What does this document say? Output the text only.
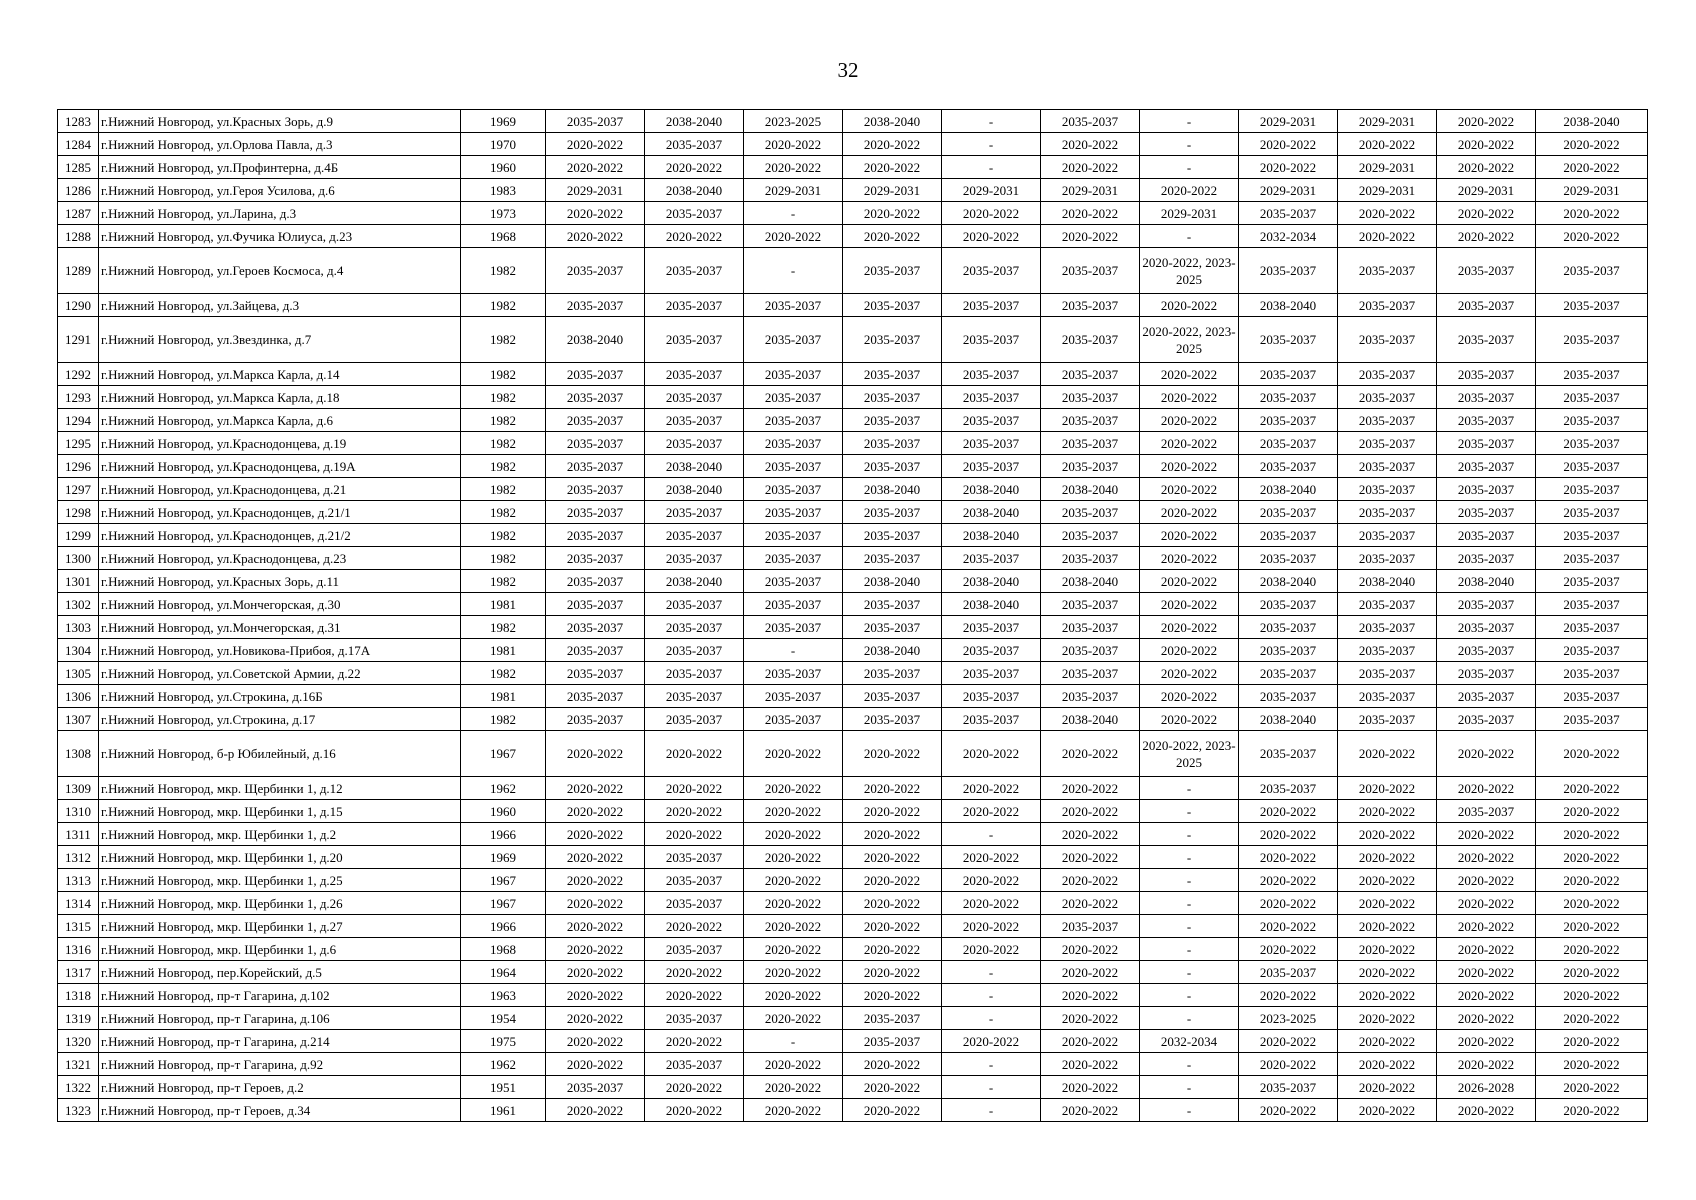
32
1283	г.Нижний Новгород, ул.Красных Зорь, д.9	1969	2035-2037	2038-2040	2023-2025	2038-2040	-	2035-2037	-	2029-2031	2029-2031	2020-2022	2038-2040
1284	г.Нижний Новгород, ул.Орлова Павла, д.3	1970	2020-2022	2035-2037	2020-2022	2020-2022	-	2020-2022	-	2020-2022	2020-2022	2020-2022	2020-2022
1285	г.Нижний Новгород, ул.Профинтерна, д.4Б	1960	2020-2022	2020-2022	2020-2022	2020-2022	-	2020-2022	-	2020-2022	2029-2031	2020-2022	2020-2022
1286	г.Нижний Новгород, ул.Героя Усилова, д.6	1983	2029-2031	2038-2040	2029-2031	2029-2031	2029-2031	2029-2031	2020-2022	2029-2031	2029-2031	2029-2031	2029-2031
1287	г.Нижний Новгород, ул.Ларина, д.3	1973	2020-2022	2035-2037	-	2020-2022	2020-2022	2020-2022	2029-2031	2035-2037	2020-2022	2020-2022	2020-2022
1288	г.Нижний Новгород, ул.Фучика Юлиуса, д.23	1968	2020-2022	2020-2022	2020-2022	2020-2022	2020-2022	2020-2022	-	2032-2034	2020-2022	2020-2022	2020-2022
1289	г.Нижний Новгород, ул.Героев Космоса, д.4	1982	2035-2037	2035-2037	-	2035-2037	2035-2037	2035-2037	2020-2022, 2023-2025	2035-2037	2035-2037	2035-2037	2035-2037
1290	г.Нижний Новгород, ул.Зайцева, д.3	1982	2035-2037	2035-2037	2035-2037	2035-2037	2035-2037	2035-2037	2020-2022	2038-2040	2035-2037	2035-2037	2035-2037
1291	г.Нижний Новгород, ул.Звездинка, д.7	1982	2038-2040	2035-2037	2035-2037	2035-2037	2035-2037	2035-2037	2020-2022, 2023-2025	2035-2037	2035-2037	2035-2037	2035-2037
1292	г.Нижний Новгород, ул.Маркса Карла, д.14	1982	2035-2037	2035-2037	2035-2037	2035-2037	2035-2037	2035-2037	2020-2022	2035-2037	2035-2037	2035-2037	2035-2037
1293	г.Нижний Новгород, ул.Маркса Карла, д.18	1982	2035-2037	2035-2037	2035-2037	2035-2037	2035-2037	2035-2037	2020-2022	2035-2037	2035-2037	2035-2037	2035-2037
1294	г.Нижний Новгород, ул.Маркса Карла, д.6	1982	2035-2037	2035-2037	2035-2037	2035-2037	2035-2037	2035-2037	2020-2022	2035-2037	2035-2037	2035-2037	2035-2037
1295	г.Нижний Новгород, ул.Краснодонцева, д.19	1982	2035-2037	2035-2037	2035-2037	2035-2037	2035-2037	2035-2037	2020-2022	2035-2037	2035-2037	2035-2037	2035-2037
1296	г.Нижний Новгород, ул.Краснодонцева, д.19А	1982	2035-2037	2038-2040	2035-2037	2035-2037	2035-2037	2035-2037	2020-2022	2035-2037	2035-2037	2035-2037	2035-2037
1297	г.Нижний Новгород, ул.Краснодонцева, д.21	1982	2035-2037	2038-2040	2035-2037	2038-2040	2038-2040	2038-2040	2020-2022	2038-2040	2035-2037	2035-2037	2035-2037
1298	г.Нижний Новгород, ул.Краснодонцев, д.21/1	1982	2035-2037	2035-2037	2035-2037	2035-2037	2038-2040	2035-2037	2020-2022	2035-2037	2035-2037	2035-2037	2035-2037
1299	г.Нижний Новгород, ул.Краснодонцев, д.21/2	1982	2035-2037	2035-2037	2035-2037	2035-2037	2038-2040	2035-2037	2020-2022	2035-2037	2035-2037	2035-2037	2035-2037
1300	г.Нижний Новгород, ул.Краснодонцева, д.23	1982	2035-2037	2035-2037	2035-2037	2035-2037	2035-2037	2035-2037	2020-2022	2035-2037	2035-2037	2035-2037	2035-2037
1301	г.Нижний Новгород, ул.Красных Зорь, д.11	1982	2035-2037	2038-2040	2035-2037	2038-2040	2038-2040	2038-2040	2020-2022	2038-2040	2038-2040	2038-2040	2035-2037
1302	г.Нижний Новгород, ул.Мончегорская, д.30	1981	2035-2037	2035-2037	2035-2037	2035-2037	2038-2040	2035-2037	2020-2022	2035-2037	2035-2037	2035-2037	2035-2037
1303	г.Нижний Новгород, ул.Мончегорская, д.31	1982	2035-2037	2035-2037	2035-2037	2035-2037	2035-2037	2035-2037	2020-2022	2035-2037	2035-2037	2035-2037	2035-2037
1304	г.Нижний Новгород, ул.Новикова-Прибоя, д.17А	1981	2035-2037	2035-2037	-	2038-2040	2035-2037	2035-2037	2020-2022	2035-2037	2035-2037	2035-2037	2035-2037
1305	г.Нижний Новгород, ул.Советской Армии, д.22	1982	2035-2037	2035-2037	2035-2037	2035-2037	2035-2037	2035-2037	2020-2022	2035-2037	2035-2037	2035-2037	2035-2037
1306	г.Нижний Новгород, ул.Строкина, д.16Б	1981	2035-2037	2035-2037	2035-2037	2035-2037	2035-2037	2035-2037	2020-2022	2035-2037	2035-2037	2035-2037	2035-2037
1307	г.Нижний Новгород, ул.Строкина, д.17	1982	2035-2037	2035-2037	2035-2037	2035-2037	2035-2037	2038-2040	2020-2022	2038-2040	2035-2037	2035-2037	2035-2037
1308	г.Нижний Новгород, б-р Юбилейный, д.16	1967	2020-2022	2020-2022	2020-2022	2020-2022	2020-2022	2020-2022	2020-2022, 2023-2025	2035-2037	2020-2022	2020-2022	2020-2022
1309	г.Нижний Новгород, мкр. Щербинки 1, д.12	1962	2020-2022	2020-2022	2020-2022	2020-2022	2020-2022	2020-2022	-	2035-2037	2020-2022	2020-2022	2020-2022
1310	г.Нижний Новгород, мкр. Щербинки 1, д.15	1960	2020-2022	2020-2022	2020-2022	2020-2022	2020-2022	2020-2022	-	2020-2022	2020-2022	2035-2037	2020-2022
1311	г.Нижний Новгород, мкр. Щербинки 1, д.2	1966	2020-2022	2020-2022	2020-2022	2020-2022	-	2020-2022	-	2020-2022	2020-2022	2020-2022	2020-2022
1312	г.Нижний Новгород, мкр. Щербинки 1, д.20	1969	2020-2022	2035-2037	2020-2022	2020-2022	2020-2022	2020-2022	-	2020-2022	2020-2022	2020-2022	2020-2022
1313	г.Нижний Новгород, мкр. Щербинки 1, д.25	1967	2020-2022	2035-2037	2020-2022	2020-2022	2020-2022	2020-2022	-	2020-2022	2020-2022	2020-2022	2020-2022
1314	г.Нижний Новгород, мкр. Щербинки 1, д.26	1967	2020-2022	2035-2037	2020-2022	2020-2022	2020-2022	2020-2022	-	2020-2022	2020-2022	2020-2022	2020-2022
1315	г.Нижний Новгород, мкр. Щербинки 1, д.27	1966	2020-2022	2020-2022	2020-2022	2020-2022	2020-2022	2035-2037	-	2020-2022	2020-2022	2020-2022	2020-2022
1316	г.Нижний Новгород, мкр. Щербинки 1, д.6	1968	2020-2022	2035-2037	2020-2022	2020-2022	2020-2022	2020-2022	-	2020-2022	2020-2022	2020-2022	2020-2022
1317	г.Нижний Новгород, пер.Корейский, д.5	1964	2020-2022	2020-2022	2020-2022	2020-2022	-	2020-2022	-	2035-2037	2020-2022	2020-2022	2020-2022
1318	г.Нижний Новгород, пр-т Гагарина, д.102	1963	2020-2022	2020-2022	2020-2022	2020-2022	-	2020-2022	-	2020-2022	2020-2022	2020-2022	2020-2022
1319	г.Нижний Новгород, пр-т Гагарина, д.106	1954	2020-2022	2035-2037	2020-2022	2035-2037	-	2020-2022	-	2023-2025	2020-2022	2020-2022	2020-2022
1320	г.Нижний Новгород, пр-т Гагарина, д.214	1975	2020-2022	2020-2022	-	2035-2037	2020-2022	2020-2022	2032-2034	2020-2022	2020-2022	2020-2022	2020-2022
1321	г.Нижний Новгород, пр-т Гагарина, д.92	1962	2020-2022	2035-2037	2020-2022	2020-2022	-	2020-2022	-	2020-2022	2020-2022	2020-2022	2020-2022
1322	г.Нижний Новгород, пр-т Героев, д.2	1951	2035-2037	2020-2022	2020-2022	2020-2022	-	2020-2022	-	2035-2037	2020-2022	2026-2028	2020-2022
1323	г.Нижний Новгород, пр-т Героев, д.34	1961	2020-2022	2020-2022	2020-2022	2020-2022	-	2020-2022	-	2020-2022	2020-2022	2020-2022	2020-2022
